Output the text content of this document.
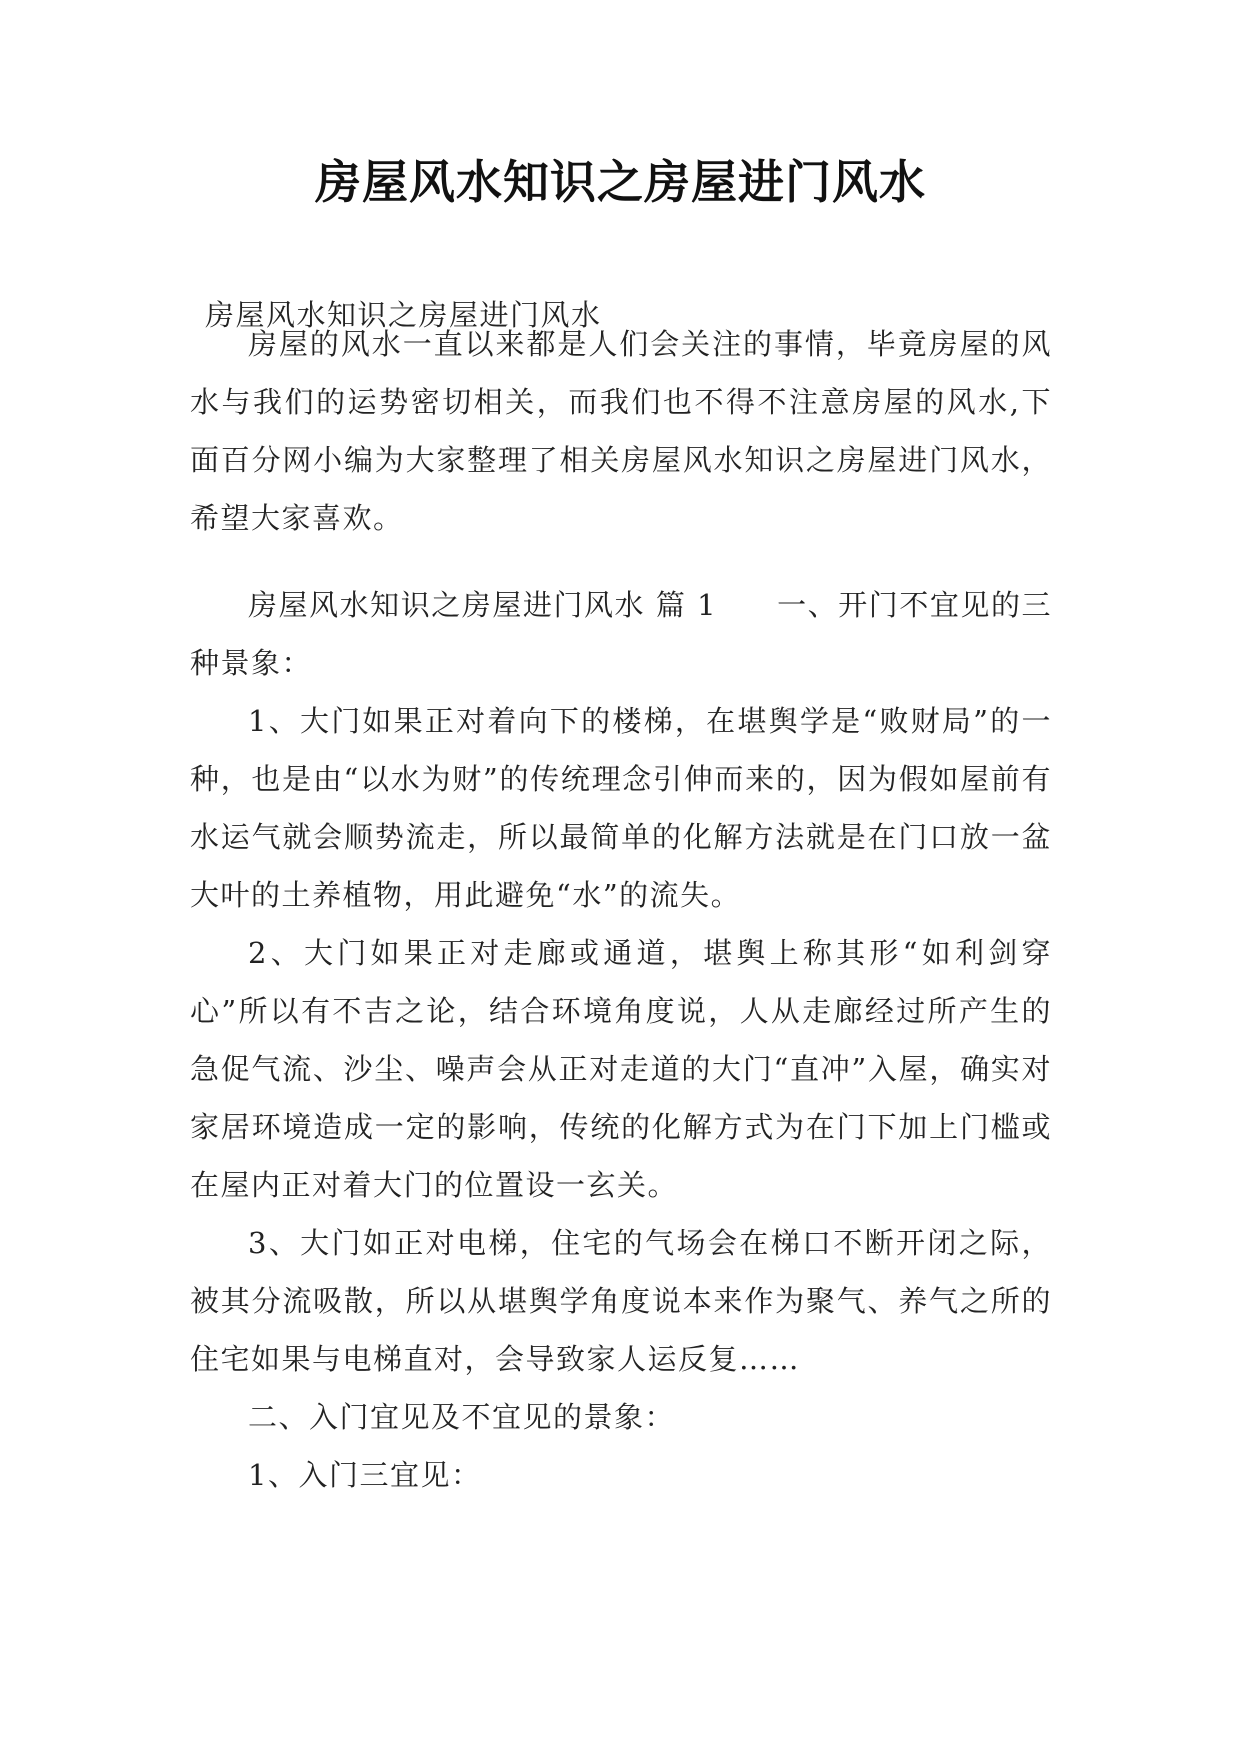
房屋风水知识之房屋进门风水

房屋风水知识之房屋进门风水

房屋的风水一直以来都是人们会关注的事情，毕竟房屋的风水与我们的运势密切相关，而我们也不得不注意房屋的风水,下面百分网小编为大家整理了相关房屋风水知识之房屋进门风水，希望大家喜欢。

房屋风水知识之房屋进门风水 篇 1 一、开门不宜见的三种景象：

1、大门如果正对着向下的楼梯，在堪舆学是“败财局”的一种，也是由“以水为财”的传统理念引伸而来的，因为假如屋前有水运气就会顺势流走，所以最简单的化解方法就是在门口放一盆大叶的土养植物，用此避免“水”的流失。

2、大门如果正对走廊或通道，堪舆上称其形“如利剑穿心”所以有不吉之论，结合环境角度说，人从走廊经过所产生的急促气流、沙尘、噪声会从正对走道的大门“直冲”入屋，确实对家居环境造成一定的影响，传统的化解方式为在门下加上门槛或在屋内正对着大门的位置设一玄关。

3、大门如正对电梯，住宅的气场会在梯口不断开闭之际，被其分流吸散，所以从堪舆学角度说本来作为聚气、养气之所的住宅如果与电梯直对，会导致家人运反复……

二、入门宜见及不宜见的景象：

1、入门三宜见：
